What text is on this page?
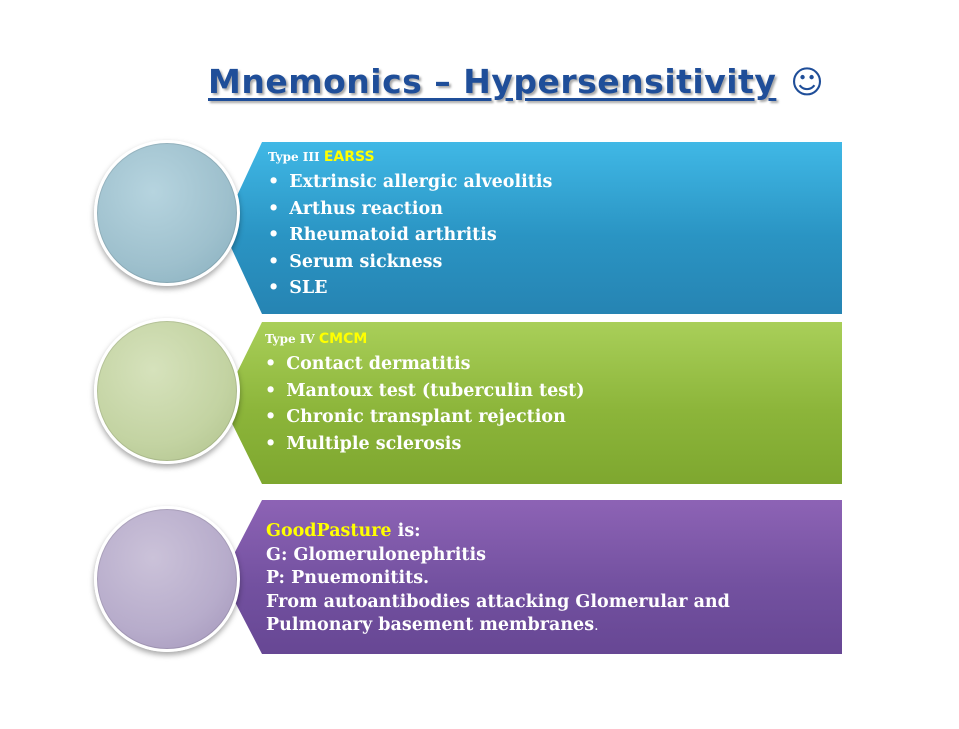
Mnemonics – Hypersensitivity ☺
Type III EARSS
• Extrinsic allergic alveolitis
• Arthus reaction
• Rheumatoid arthritis
• Serum sickness
• SLE
Type IV CMCM
• Contact dermatitis
• Mantoux test (tuberculin test)
• Chronic transplant rejection
• Multiple sclerosis
GoodPasture is:
G: Glomerulonephritis
P: Pnuemonitits.
From autoantibodies attacking Glomerular and
Pulmonary basement membranes.
